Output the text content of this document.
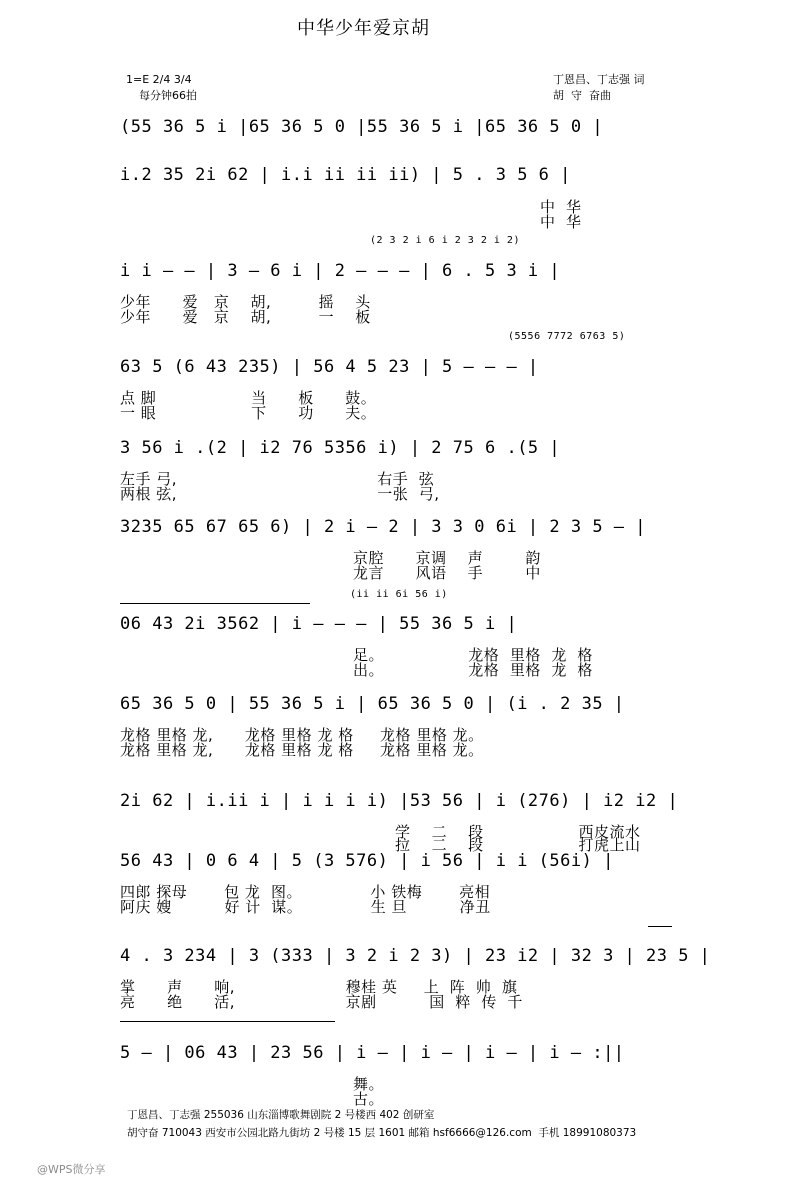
中华少年爱京胡
1=E 2/4 3/4
每分钟66拍
丁恩昌、丁志强 词
胡  守  奋曲
(55 36 5 i |65 36 5 0 |55 36 5 i |65 36 5 0 |
i.2 35 2i 62 | i.i ii ii ii) | 5 . 3 5 6 |
中  华
中  华
(2 3 2 i 6 i 2 3 2 i 2)
i i — — | 3 — 6 i | 2 — — — | 6 . 5 3 i |
少年      爱   京    胡,         摇    头
少年      爱   京    胡,         一    板
(5556 7772 6763 5)
63 5 (6 43 235) | 56 4 5 23 | 5 — — — |
点 脚                  当      板      鼓。
一 眼                  下      功      夫。
3 56 i .(2 | i2 76 5356 i) | 2 75 6 .(5 |
左手 弓,                                      右手  弦
两根 弦,                                      一张  弓,
3235 65 67 65 6) | 2 i — 2 | 3 3 0 6i | 2 3 5 — |
京腔      京调    声        韵
龙言      风语    手        中
(ii ii 6i 56 i)
06 43 2i 3562 | i — — — | 55 36 5 i |
足。                龙格  里格  龙  格
出。                龙格  里格  龙  格
65 36 5 0 | 55 36 5 i | 65 36 5 0 | (i . 2 35 |
龙格 里格 龙,      龙格 里格 龙 格     龙格 里格 龙。
龙格 里格 龙,      龙格 里格 龙 格     龙格 里格 龙。
2i 62 | i.ii i | i i i i) |53 56 | i (276) | i2 i2 |
学    二    段                  西皮流水
拉    二    段                  打虎上山
56 43 | 0 6 4 | 5 (3 576) | i 56 | i i (56i) |
四郎 探母       包 龙  图。             小 铁梅       亮相
阿庆 嫂          好 计  谋。             生 旦          净丑
4 . 3 234 | 3 (333 | 3 2 i 2 3) | 23 i2 | 32 3 | 23 5 |
掌      声      响,                     穆桂 英     上  阵  帅  旗
亮      绝      活,                     京剧          国  粹  传  千
5 — | 06 43 | 23 56 | i — | i — | i — | i — :||
舞。
古。
丁恩昌、丁志强 255036 山东淄博歌舞剧院 2 号楼西 402 创研室
胡守奋 710043 西安市公园北路九街坊 2 号楼 15 层 1601 邮箱 hsf6666@126.com  手机 18991080373
@WPS微分享
